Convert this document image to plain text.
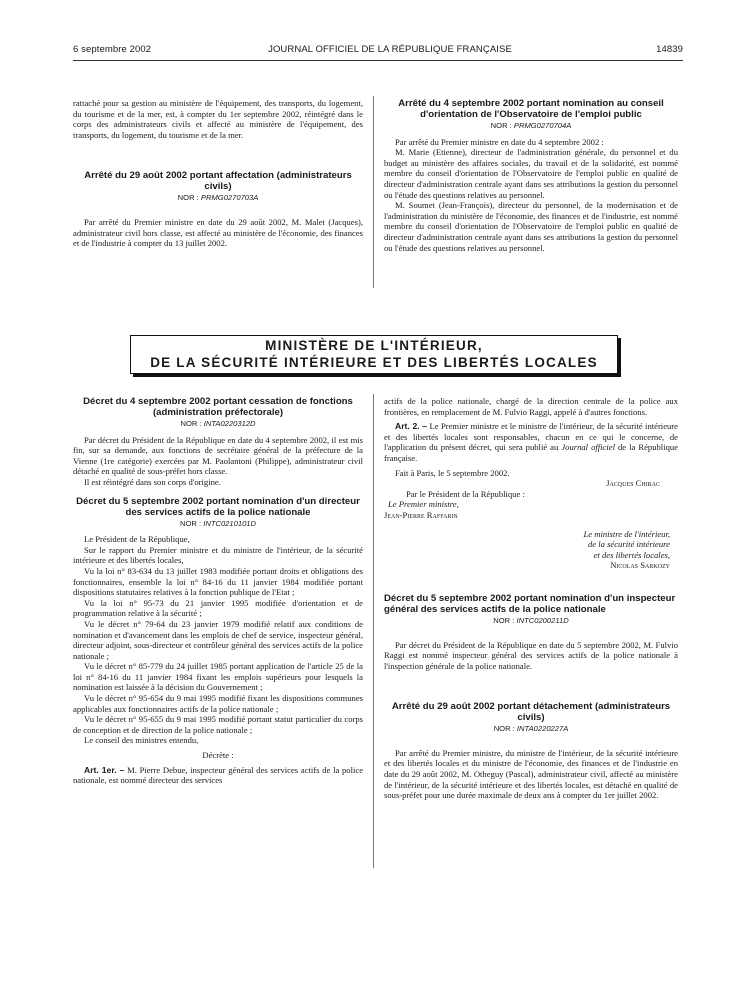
6 septembre 2002	JOURNAL OFFICIEL DE LA RÉPUBLIQUE FRANÇAISE	14839

rattaché pour sa gestion au ministère de l'équipement, des transports, du logement, du tourisme et de la mer, est, à compter du 1er septembre 2002, réintégré dans le corps des administrateurs civils et affecté au ministère de l'équipement, des transports, du logement, du tourisme et de la mer.

Arrêté du 29 août 2002 portant affectation (administrateurs civils)

NOR : PRMG0270703A

Par arrêté du Premier ministre en date du 29 août 2002, M. Malet (Jacques), administrateur civil hors classe, est affecté au ministère de l'économie, des finances et de l'industrie à compter du 13 juillet 2002.

Arrêté du 4 septembre 2002 portant nomination au conseil d'orientation de l'Observatoire de l'emploi public

NOR : PRMG0270704A

Par arrêté du Premier ministre en date du 4 septembre 2002 :

M. Marie (Etienne), directeur de l'administration générale, du personnel et du budget au ministère des affaires sociales, du travail et de la solidarité, est nommé membre du conseil d'orientation de l'Observatoire de l'emploi public en qualité de directeur d'administration centrale ayant dans ses attributions la gestion du personnel ou l'étude des questions relatives au personnel.

M. Soumet (Jean-François), directeur du personnel, de la modernisation et de l'administration du ministère de l'économie, des finances et de l'industrie, est nommé membre du conseil d'orientation de l'Observatoire de l'emploi public en qualité de directeur d'administration centrale ayant dans ses attributions la gestion du personnel ou l'étude des questions relatives au personnel.

MINISTÈRE DE L'INTÉRIEUR,
DE LA SÉCURITÉ INTÉRIEURE ET DES LIBERTÉS LOCALES

Décret du 4 septembre 2002 portant cessation de fonctions (administration préfectorale)

NOR : INTA0220312D

Par décret du Président de la République en date du 4 septembre 2002, il est mis fin, sur sa demande, aux fonctions de secrétaire général de la préfecture de la Vienne (1re catégorie) exercées par M. Paolantoni (Philippe), administrateur civil détaché en qualité de sous-préfet hors classe.

Il est réintégré dans son corps d'origine.

Décret du 5 septembre 2002 portant nomination d'un directeur des services actifs de la police nationale

NOR : INTC0210101D

Le Président de la République,

Sur le rapport du Premier ministre et du ministre de l'intérieur, de la sécurité intérieure et des libertés locales,

Vu la loi n° 83-634 du 13 juillet 1983 modifiée portant droits et obligations des fonctionnaires, ensemble la loi n° 84-16 du 11 janvier 1984 modifiée portant dispositions statutaires relatives à la fonction publique de l'Etat ;

Vu la loi n° 95-73 du 21 janvier 1995 modifiée d'orientation et de programmation relative à la sécurité ;

Vu le décret n° 79-64 du 23 janvier 1979 modifié relatif aux conditions de nomination et d'avancement dans les emplois de chef de service, inspecteur général, directeur adjoint, sous-directeur et contrôleur général des services actifs de la police nationale ;

Vu le décret n° 85-779 du 24 juillet 1985 portant application de l'article 25 de la loi n° 84-16 du 11 janvier 1984 fixant les emplois supérieurs pour lesquels la nomination est laissée à la décision du Gouvernement ;

Vu le décret n° 95-654 du 9 mai 1995 modifié fixant les dispositions communes applicables aux fonctionnaires actifs de la police nationale ;

Vu le décret n° 95-655 du 9 mai 1995 modifié portant statut particulier du corps de conception et de direction de la police nationale ;

Le conseil des ministres entendu,

Décrète :

Art. 1er. – M. Pierre Debue, inspecteur général des services actifs de la police nationale, est nommé directeur des services

actifs de la police nationale, chargé de la direction centrale de la police aux frontières, en remplacement de M. Fulvio Raggi, appelé à d'autres fonctions.

Art. 2. – Le Premier ministre et le ministre de l'intérieur, de la sécurité intérieure et des libertés locales sont responsables, chacun en ce qui le concerne, de l'application du présent décret, qui sera publié au Journal officiel de la République française.

Fait à Paris, le 5 septembre 2002.

Jacques Chirac

Par le Président de la République :

Le Premier ministre,

Jean-Pierre Raffarin

Le ministre de l'intérieur,

de la sécurité intérieure

et des libertés locales,

Nicolas Sarkozy

Décret du 5 septembre 2002 portant nomination d'un inspecteur général des services actifs de la police nationale

NOR : INTC0200211D

Par décret du Président de la République en date du 5 septembre 2002, M. Fulvio Raggi est nommé inspecteur général des services actifs de la police nationale à l'inspection générale de la police nationale.

Arrêté du 29 août 2002 portant détachement (administrateurs civils)

NOR : INTA0220227A

Par arrêté du Premier ministre, du ministre de l'intérieur, de la sécurité intérieure et des libertés locales et du ministre de l'économie, des finances et de l'industrie en date du 29 août 2002, M. Otheguy (Pascal), administrateur civil, affecté au ministère de l'intérieur, de la sécurité intérieure et des libertés locales, est détaché en qualité de sous-préfet pour une durée maximale de deux ans à compter du 1er juillet 2002.
